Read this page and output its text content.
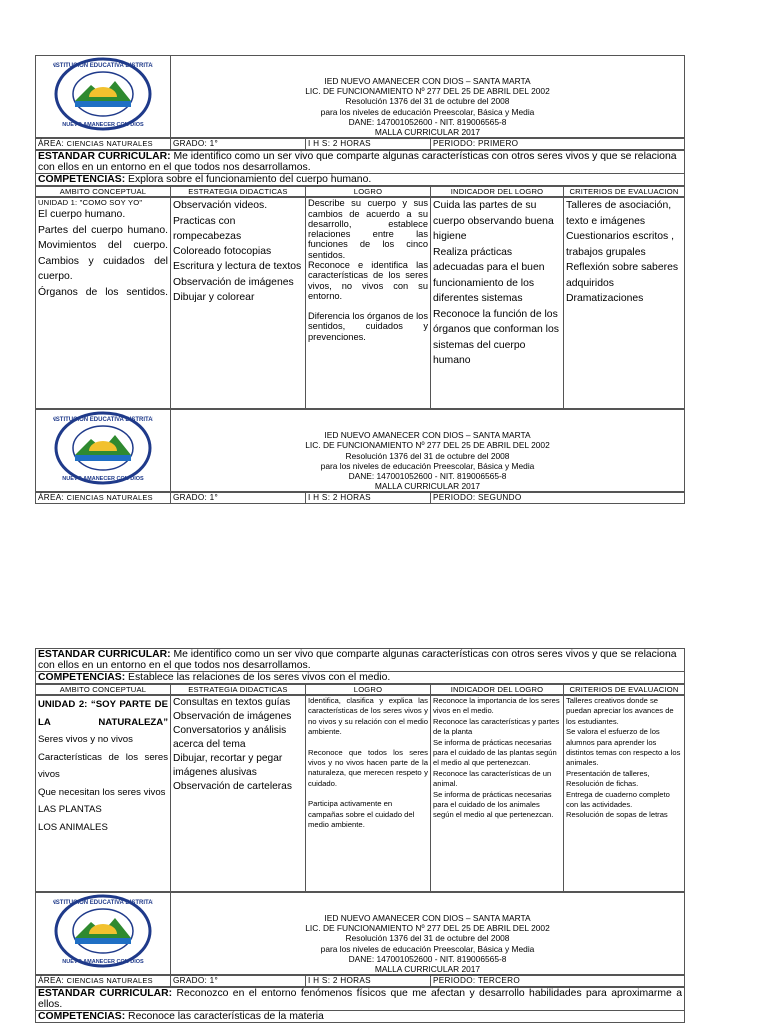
INSTITUCIÓN EDUCATIVA DISTRITAL
NUEVO AMANECER CON DIOS

IED NUEVO AMANECER CON DIOS – SANTA MARTA
LIC. DE FUNCIONAMIENTO Nº 277 DEL 25 DE ABRIL DEL 2002
Resolución 1376 del 31 de octubre del 2008
para los niveles de educación Preescolar, Básica y Media
DANE: 147001052600 - NIT. 819006565-8
MALLA CURRICULAR 2017
ÁREA: CIENCIAS NATURALES	GRADO: 1°	I H S: 2 HORAS	PERIODO: PRIMERO
ESTANDAR CURRICULAR: Me identifico como un ser vivo que comparte algunas características con otros seres vivos y que se relaciona con ellos en un entorno en el que todos nos desarrollamos.
COMPETENCIAS: Explora sobre el funcionamiento del cuerpo humano.
AMBITO CONCEPTUAL	ESTRATEGIA DIDACTICAS	LOGRO	INDICADOR DEL LOGRO	CRITERIOS DE EVALUACION
UNIDAD 1: "COMO SOY YO"
El cuerpo humano.
Partes del cuerpo humano.
Movimientos del cuerpo.
Cambios y cuidados del cuerpo.
Órganos de los sentidos.

Observación videos.
Practicas con rompecabezas
Coloreado fotocopias
Escritura y lectura de textos
Observación de imágenes
Dibujar y colorear

Describe su cuerpo y sus cambios de acuerdo a su desarrollo, establece relaciones entre las funciones de los cinco sentidos.
Reconoce e identifica las características de los seres vivos, no vivos con su entorno.
Diferencia los órganos de los sentidos, cuidados y prevenciones.

Cuida las partes de su cuerpo observando buena higiene
Realiza prácticas adecuadas para el buen funcionamiento de los diferentes sistemas
Reconoce la función de los órganos que conforman los sistemas del cuerpo humano

Talleres de asociación, texto e imágenes
Cuestionarios escritos , trabajos grupales
Reflexión sobre saberes adquiridos
Dramatizaciones
INSTITUCIÓN EDUCATIVA DISTRITAL
NUEVO AMANECER CON DIOS

IED NUEVO AMANECER CON DIOS – SANTA MARTA
LIC. DE FUNCIONAMIENTO Nº 277 DEL 25 DE ABRIL DEL 2002
Resolución 1376 del 31 de octubre del 2008
para los niveles de educación Preescolar, Básica y Media
DANE: 147001052600 - NIT. 819006565-8
MALLA CURRICULAR 2017
ÁREA: CIENCIAS NATURALES	GRADO: 1°	I H S: 2 HORAS	PERIODO: SEGUNDO
ESTANDAR CURRICULAR: Me identifico como un ser vivo que comparte algunas características con otros seres vivos y que se relaciona con ellos en un entorno en el que todos nos desarrollamos.
COMPETENCIAS: Establece las relaciones de los seres vivos con el medio.
AMBITO CONCEPTUAL	ESTRATEGIA DIDACTICAS	LOGRO	INDICADOR DEL LOGRO	CRITERIOS DE EVALUACION
UNIDAD 2: “SOY PARTE DE LA NATURALEZA”
Seres vivos y no vivos
Características de los seres vivos
Que necesitan los seres vivos
LAS PLANTAS
LOS ANIMALES

Consultas en textos guías
Observación de imágenes
Conversatorios y análisis acerca del tema
Dibujar, recortar y pegar imágenes alusivas
Observación de carteleras

Identifica, clasifica y explica las características de los seres vivos y no vivos y su relación con el medio ambiente.
Reconoce que todos los seres vivos y no vivos hacen parte de la naturaleza, que merecen respeto y cuidado.
Participa activamente en campañas sobre el cuidado del medio ambiente.

Reconoce la importancia de los seres vivos en el medio.
Reconoce las características y partes de la planta
Se informa de prácticas necesarias para el cuidado de las plantas según el medio al que pertenezcan.
Reconoce las características de un animal.
Se informa de prácticas necesarias para el cuidado de los animales según el medio al que pertenezcan.

Talleres creativos donde se puedan apreciar los avances de los estudiantes.
Se valora el esfuerzo de los alumnos para aprender los distintos temas con respecto a los animales.
Presentación de talleres,
Resolución de fichas.
Entrega de cuaderno completo con las actividades.
Resolución de sopas de letras
INSTITUCIÓN EDUCATIVA DISTRITAL
NUEVO AMANECER CON DIOS

IED NUEVO AMANECER CON DIOS – SANTA MARTA
LIC. DE FUNCIONAMIENTO Nº 277 DEL 25 DE ABRIL DEL 2002
Resolución 1376 del 31 de octubre del 2008
para los niveles de educación Preescolar, Básica y Media
DANE: 147001052600 - NIT. 819006565-8
MALLA CURRICULAR 2017
ÁREA: CIENCIAS NATURALES	GRADO: 1°	I H S: 2 HORAS	PERIODO: TERCERO
ESTANDAR CURRICULAR: Reconozco en el entorno fenómenos físicos que me afectan y desarrollo habilidades para aproximarme a ellos.
COMPETENCIAS: Reconoce las características de la materia
